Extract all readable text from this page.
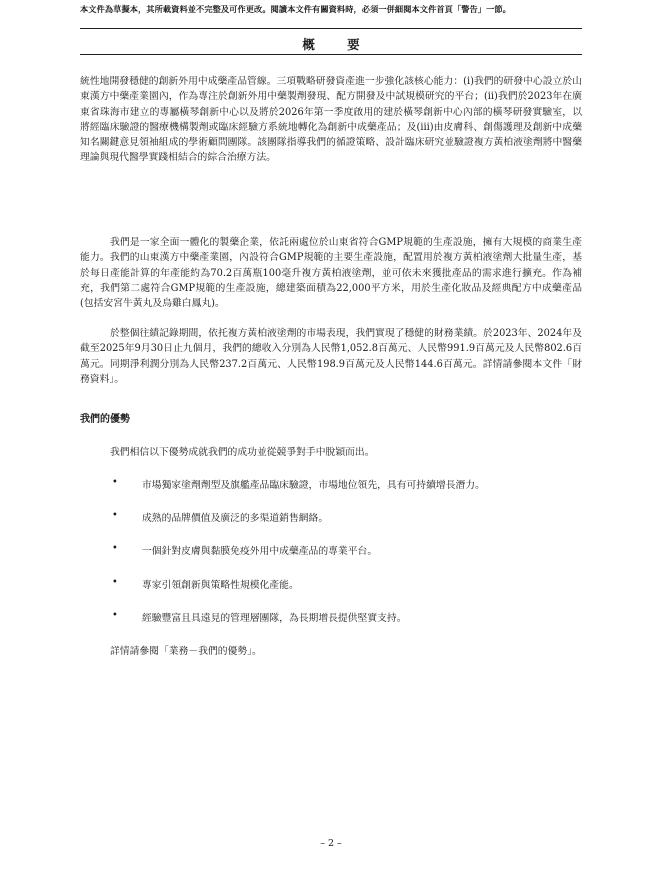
本文件為草擬本，其所載資料並不完整及可作更改。閱讀本文件有關資料時，必須一併細閱本文件首頁「警告」一節。
概 要

統性地開發穩健的創新外用中成藥產品管線。三項戰略研發資產進一步強化該核心能力：(i)我們的研發中心設立於山東漢方中藥產業園內，作為專注於創新外用中藥製劑發現、配方開發及中試規模研究的平台；(ii)我們於2023年在廣東省珠海市建立的專屬橫琴創新中心以及將於2026年第一季度啟用的建於橫琴創新中心內部的橫琴研發實驗室，以將經臨床驗證的醫療機構製劑或臨床經驗方系統地轉化為創新中成藥產品；及(iii)由皮膚科、創傷護理及創新中成藥知名關鍵意見領袖組成的學術顧問團隊。該團隊指導我們的循證策略、設計臨床研究並驗證複方黃柏液塗劑將中醫藥理論與現代醫學實踐相結合的綜合治療方法。

我們是一家全面一體化的製藥企業，依託兩處位於山東省符合GMP規範的生產設施，擁有大規模的商業生產能力。我們的山東漢方中藥產業園，內設符合GMP規範的主要生產設施，配置用於複方黃柏液塗劑大批量生產，基於每日產能計算的年產能約為70.2百萬瓶100毫升複方黃柏液塗劑，並可依未來獲批產品的需求進行擴充。作為補充，我們第二處符合GMP規範的生產設施，總建築面積為22,000平方米，用於生產化妝品及經典配方中成藥產品(包括安宮牛黃丸及烏雞白鳳丸)。

於整個往績記錄期間，依托複方黃柏液塗劑的市場表現，我們實現了穩健的財務業績。於2023年、2024年及截至2025年9月30日止九個月，我們的總收入分別為人民幣1,052.8百萬元、人民幣991.9百萬元及人民幣802.6百萬元。同期淨利潤分別為人民幣237.2百萬元、人民幣198.9百萬元及人民幣144.6百萬元。詳情請參閱本文件「財務資料」。

我們的優勢
我們相信以下優勢成就我們的成功並從競爭對手中脫穎而出。
• 市場獨家塗劑劑型及旗艦產品臨床驗證，市場地位領先，具有可持續增長潛力。
• 成熟的品牌價值及廣泛的多渠道銷售網絡。
• 一個針對皮膚與黏膜免疫外用中成藥產品的專業平台。
• 專家引領創新與策略性規模化產能。
• 經驗豐富且具遠見的管理層團隊，為長期增長提供堅實支持。
詳情請參閱「業務－我們的優勢」。
– 2 –
